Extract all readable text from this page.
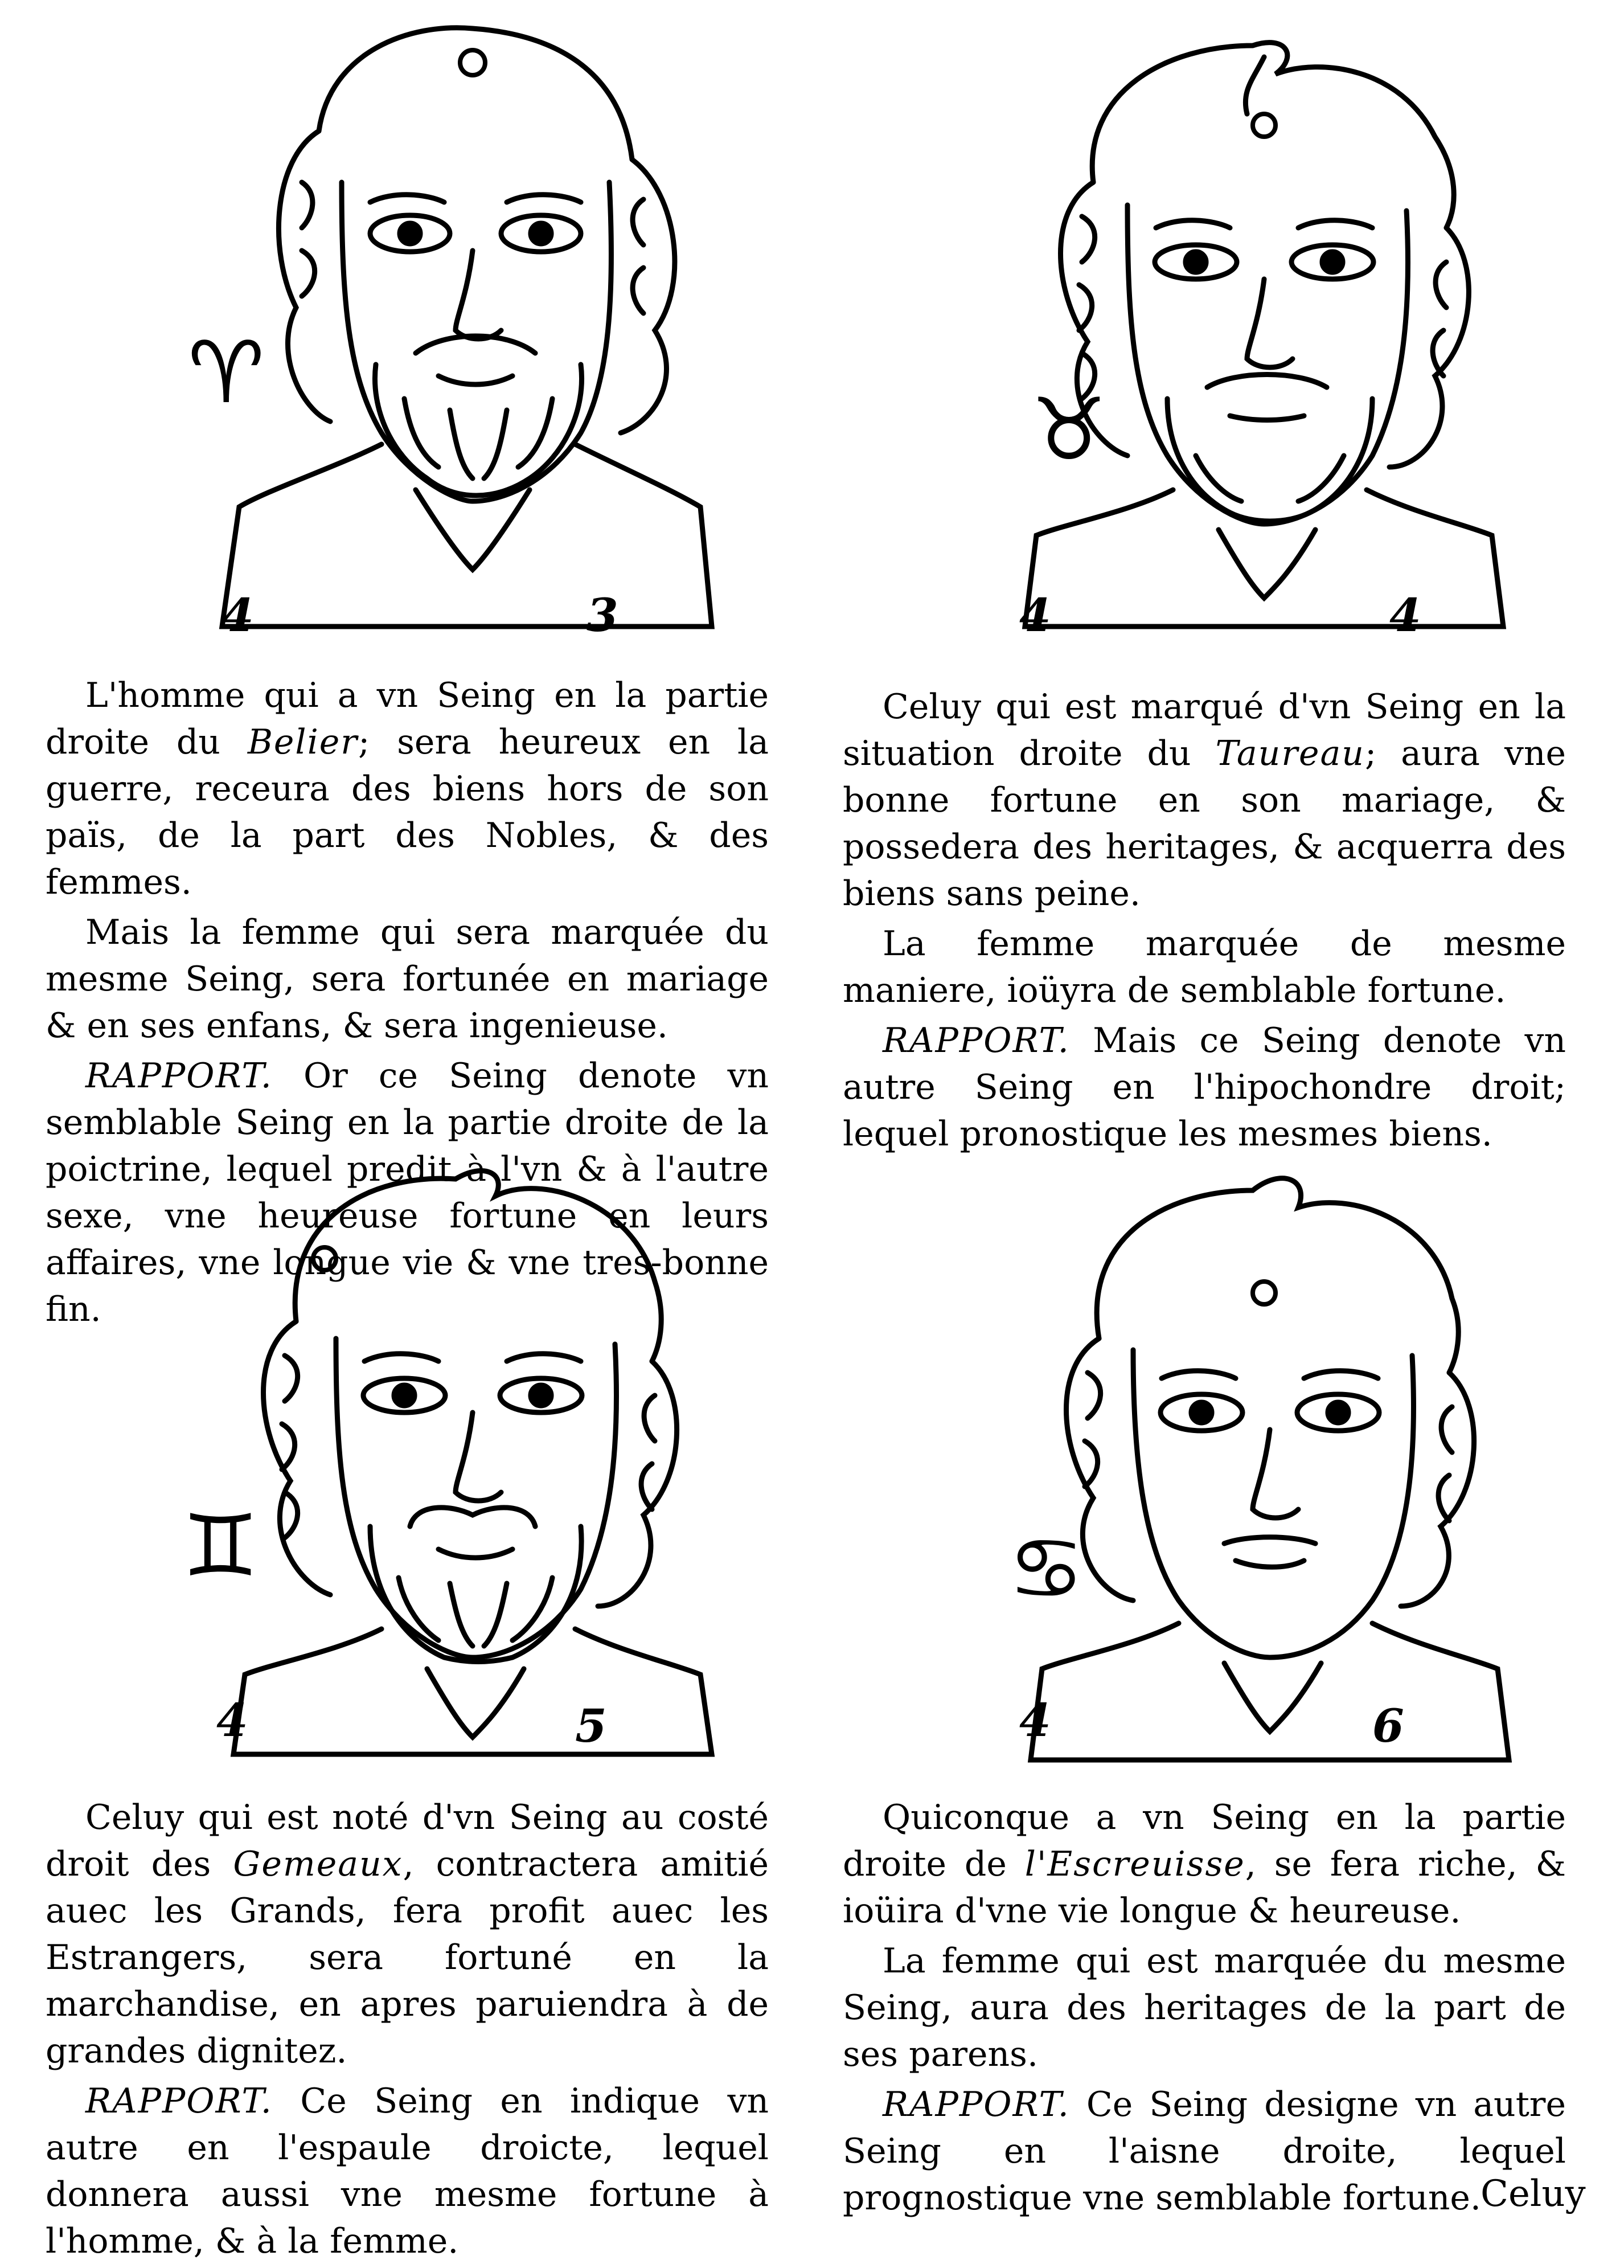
♈
4	3

L'homme qui a vn Seing en la partie droite du Belier; sera heureux en la guerre, receura des biens hors de son païs, de la part des Nobles, & des femmes.

Mais la femme qui sera marquée du mesme Seing, sera fortunée en mariage & en ses enfans, & sera ingenieuse.

RAPPORT. Or ce Seing denote vn semblable Seing en la partie droite de la poictrine, lequel predit à l'vn & à l'autre sexe, vne heureuse fortune en leurs affaires, vne longue vie & vne tres-bonne fin.

♉
4	4

Celuy qui est marqué d'vn Seing en la situation droite du Taureau; aura vne bonne fortune en son mariage, & possedera des heritages, & acquerra des biens sans peine.

La femme marquée de mesme maniere, ioüyra de semblable fortune.

RAPPORT. Mais ce Seing denote vn autre Seing en l'hipochondre droit; lequel pronostique les mesmes biens.

♊
4	5

Celuy qui est noté d'vn Seing au costé droit des Gemeaux, contractera amitié auec les Grands, fera profit auec les Estrangers, sera fortuné en la marchandise, en apres paruiendra à de grandes dignitez.

RAPPORT. Ce Seing en indique vn autre en l'espaule droicte, lequel donnera aussi vne mesme fortune à l'homme, & à la femme.

♋
4	6

Quiconque a vn Seing en la partie droite de l'Escreuisse, se fera riche, & ioüira d'vne vie longue & heureuse.

La femme qui est marquée du mesme Seing, aura des heritages de la part de ses parens.

RAPPORT. Ce Seing designe vn autre Seing en l'aisne droite, lequel prognostique vne semblable fortune. Celuy
